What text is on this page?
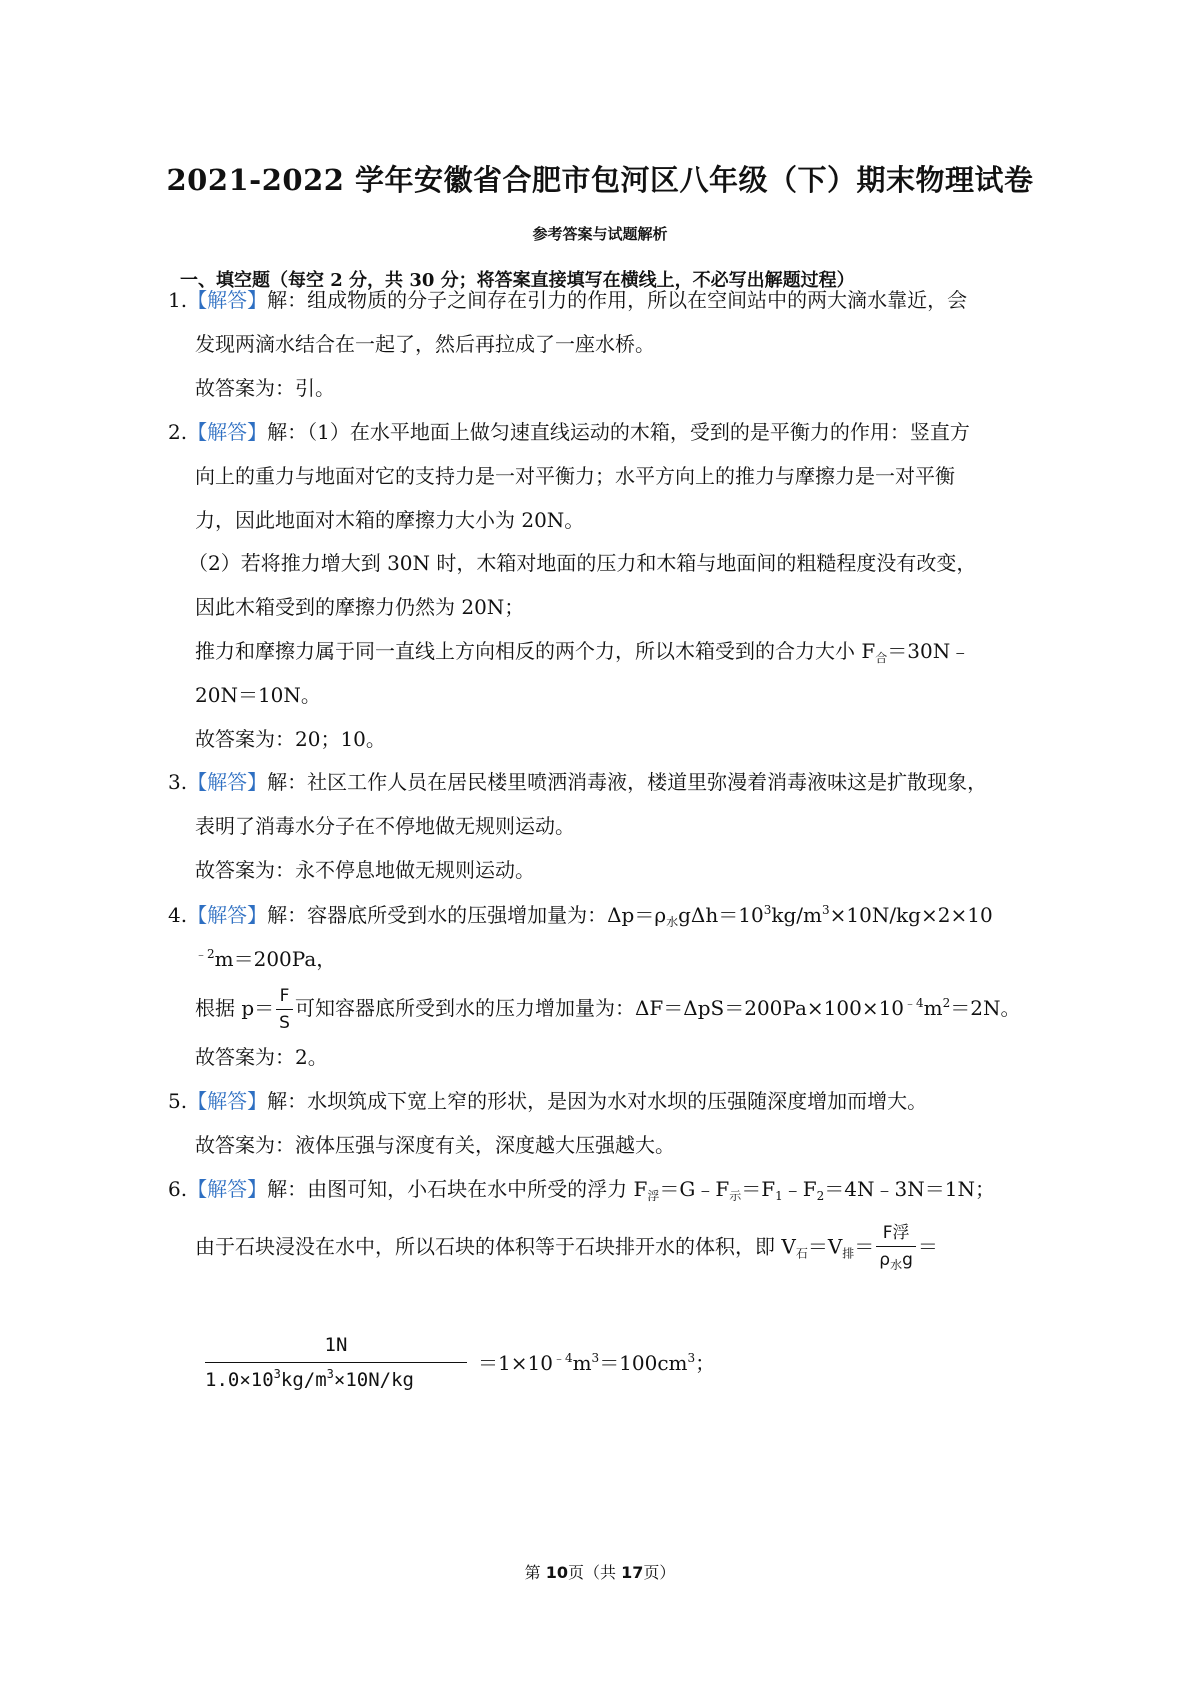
2021-2022 学年安徽省合肥市包河区八年级（下）期末物理试卷
参考答案与试题解析
一、填空题（每空 2 分，共 30 分；将答案直接填写在横线上，不必写出解题过程）
1.【解答】解：组成物质的分子之间存在引力的作用，所以在空间站中的两大滴水靠近，会
发现两滴水结合在一起了，然后再拉成了一座水桥。
故答案为：引。
2.【解答】解：（1）在水平地面上做匀速直线运动的木箱，受到的是平衡力的作用：竖直方
向上的重力与地面对它的支持力是一对平衡力；水平方向上的推力与摩擦力是一对平衡
力，因此地面对木箱的摩擦力大小为 20N。
（2）若将推力增大到 30N 时，木箱对地面的压力和木箱与地面间的粗糙程度没有改变，
因此木箱受到的摩擦力仍然为 20N；
推力和摩擦力属于同一直线上方向相反的两个力，所以木箱受到的合力大小 $F_合=30N﹣$
20N＝10N。
故答案为：20；10。
3.【解答】解：社区工作人员在居民楼里喷洒消毒液，楼道里弥漫着消毒液味这是扩散现象，
表明了消毒水分子在不停地做无规则运动。
故答案为：永不停息地做无规则运动。
4.【解答】解：容器底所受到水的压强增加量为：$\Delta p=\rho_水g\Delta h=10^3kg/m^3\times 10N/kg\times 2\times 10$
$^{﹣2}$m＝200Pa，
根据 $p= \frac{F}{S}$ 可知容器底所受到水的压力增加量为：$\Delta F=\Delta pS=200Pa\times 100\times 10^{﹣4}m^2=2N$。
故答案为：2。
5.【解答】解：水坝筑成下宽上窄的形状，是因为水对水坝的压强随深度增加而增大。
故答案为：液体压强与深度有关，深度越大压强越大。
6.【解答】解：由图可知，小石块在水中所受的浮力 $F_浮=G﹣F_示=F_1﹣F_2=4N﹣3N=1N$；
由于石块浸没在水中，所以石块的体积等于石块排开水的体积，即 $V_石=V_排= \frac{\text{F浮}}{\rho_水g}$ ＝
$\frac{1N}{1.0\times 10^3kg/m^3\times 10N/kg} =1\times 10^{﹣4}m^3=100cm^3$；
第 10页（共 17页）
